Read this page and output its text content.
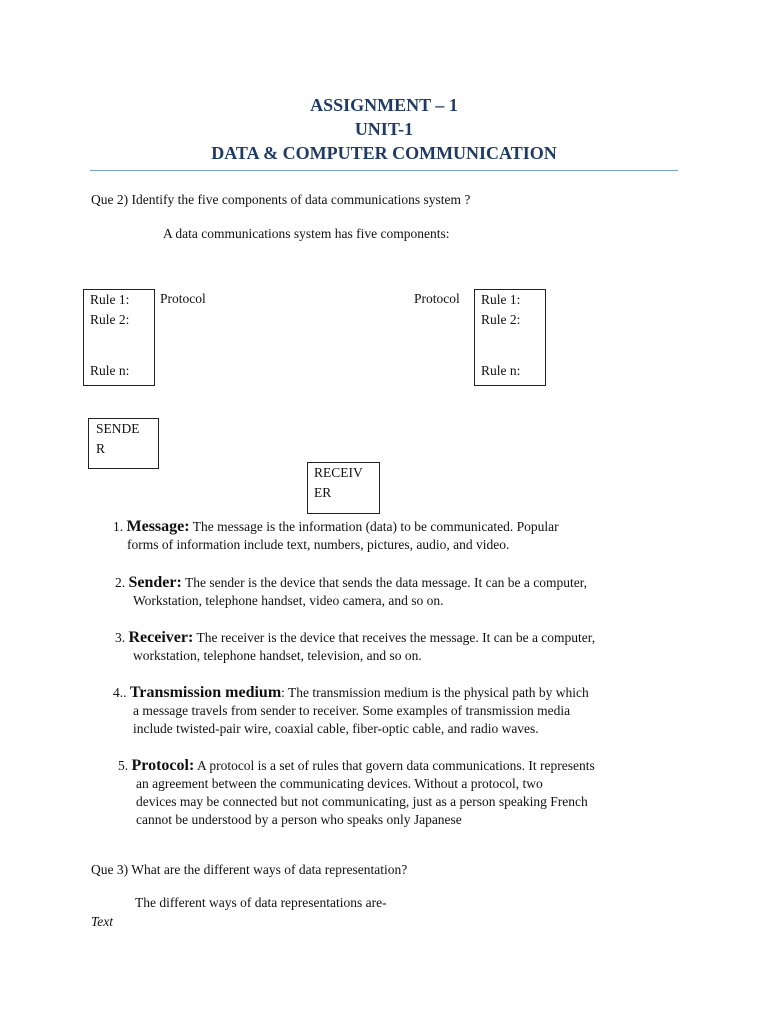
ASSIGNMENT – 1
UNIT-1
DATA & COMPUTER COMMUNICATION
Que 2) Identify the five components of data communications system ?
A data communications system has five components:
Rule 1:
Rule 2:
Rule n:
Protocol	Protocol Rule 1:
Rule 2:
Rule n:
SENDE
R
RECEIV
ER
1. Message: The message is the information (data) to be communicated. Popular
forms of information include text, numbers, pictures, audio, and video.
2. Sender: The sender is the device that sends the data message. It can be a computer,
Workstation, telephone handset, video camera, and so on.
3. Receiver: The receiver is the device that receives the message. It can be a computer,
workstation, telephone handset, television, and so on.
4.. Transmission medium: The transmission medium is the physical path by which
a message travels from sender to receiver. Some examples of transmission media
include twisted-pair wire, coaxial cable, fiber-optic cable, and radio waves.
5. Protocol: A protocol is a set of rules that govern data communications. It represents
an agreement between the communicating devices. Without a protocol, two
devices may be connected but not communicating, just as a person speaking French
cannot be understood by a person who speaks only Japanese
Que 3) What are the different ways of data representation?
The different ways of data representations are-
Text
